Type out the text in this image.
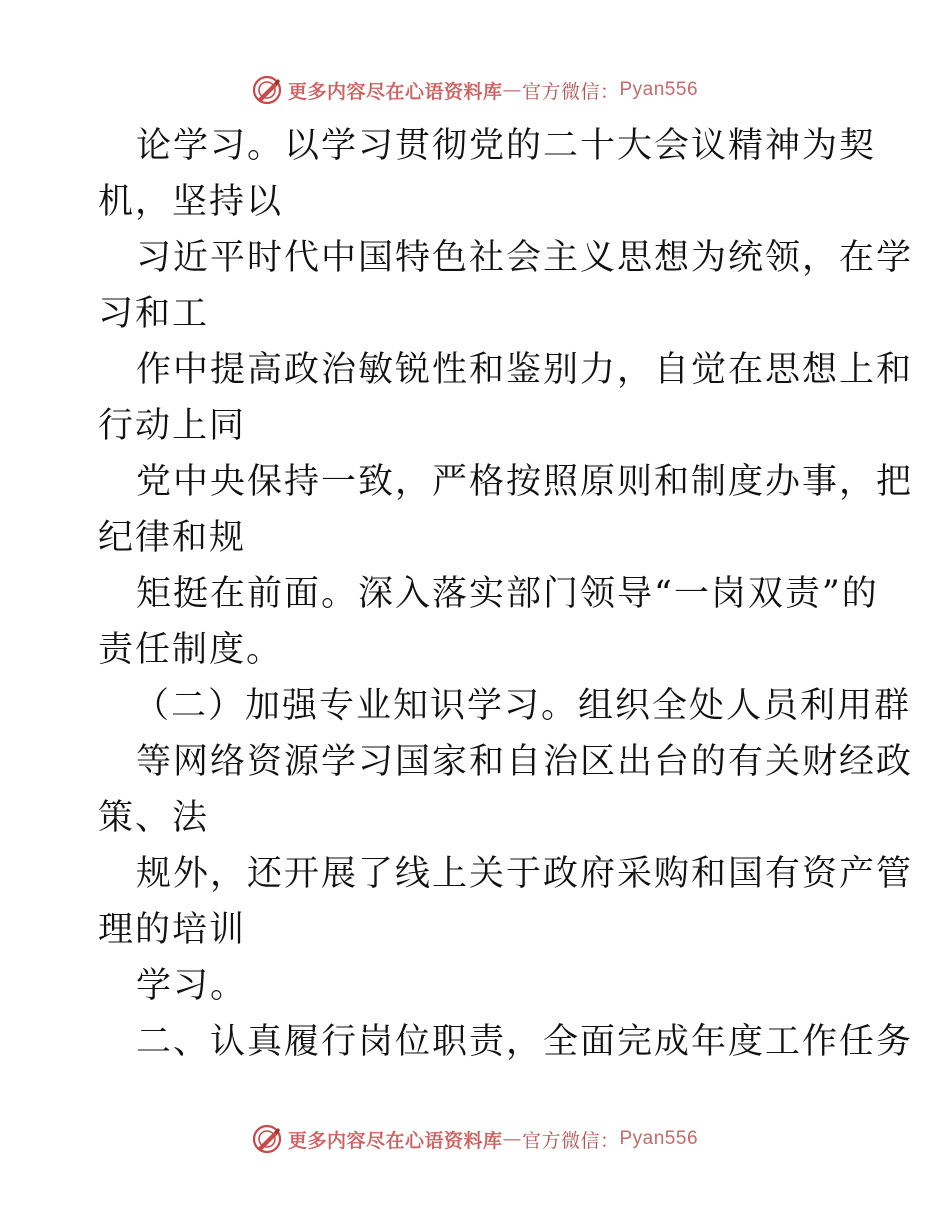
更多内容尽在心语资料库 — 官方微信： Pyan556
论学习。以学习贯彻党的二十大会议精神为契
机，坚持以
习近平时代中国特色社会主义思想为统领，在学
习和工
作中提高政治敏锐性和鉴别力，自觉在思想上和
行动上同
党中央保持一致，严格按照原则和制度办事，把
纪律和规
矩挺在前面。深入落实部门领导“一岗双责”的
责任制度。
（二）加强专业知识学习。组织全处人员利用群
等网络资源学习国家和自治区出台的有关财经政
策、法
规外，还开展了线上关于政府采购和国有资产管
理的培训
学习。
二、认真履行岗位职责，全面完成年度工作任务
更多内容尽在心语资料库 — 官方微信： Pyan556
